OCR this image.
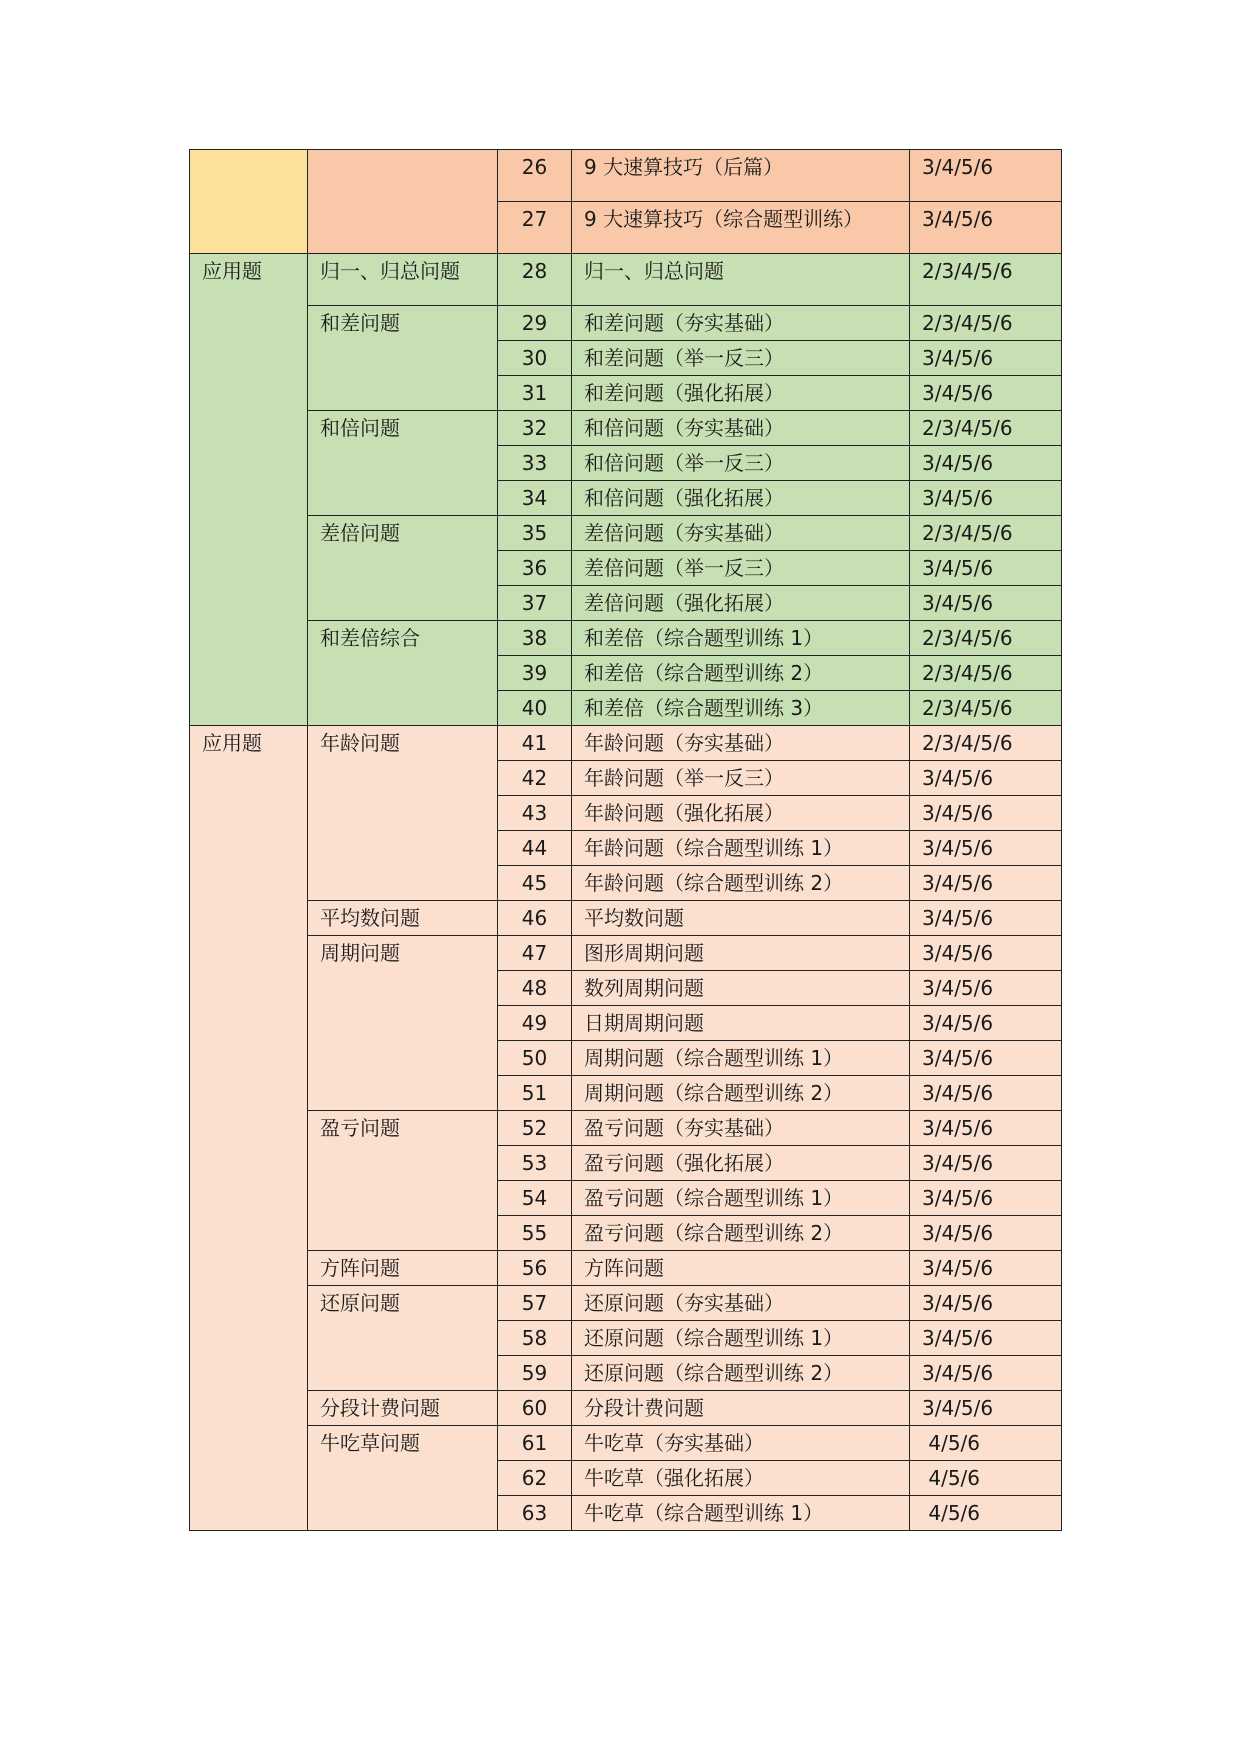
		26	9 大速算技巧（后篇）	3/4/5/6
		27	9 大速算技巧（综合题型训练）	3/4/5/6
应用题	归一、归总问题	28	归一、归总问题	2/3/4/5/6
	和差问题	29	和差问题（夯实基础）	2/3/4/5/6
		30	和差问题（举一反三）	3/4/5/6
		31	和差问题（强化拓展）	3/4/5/6
	和倍问题	32	和倍问题（夯实基础）	2/3/4/5/6
		33	和倍问题（举一反三）	3/4/5/6
		34	和倍问题（强化拓展）	3/4/5/6
	差倍问题	35	差倍问题（夯实基础）	2/3/4/5/6
		36	差倍问题（举一反三）	3/4/5/6
		37	差倍问题（强化拓展）	3/4/5/6
	和差倍综合	38	和差倍（综合题型训练 1）	2/3/4/5/6
		39	和差倍（综合题型训练 2）	2/3/4/5/6
		40	和差倍（综合题型训练 3）	2/3/4/5/6
应用题	年龄问题	41	年龄问题（夯实基础）	2/3/4/5/6
		42	年龄问题（举一反三）	3/4/5/6
		43	年龄问题（强化拓展）	3/4/5/6
		44	年龄问题（综合题型训练 1）	3/4/5/6
		45	年龄问题（综合题型训练 2）	3/4/5/6
	平均数问题	46	平均数问题	3/4/5/6
	周期问题	47	图形周期问题	3/4/5/6
		48	数列周期问题	3/4/5/6
		49	日期周期问题	3/4/5/6
		50	周期问题（综合题型训练 1）	3/4/5/6
		51	周期问题（综合题型训练 2）	3/4/5/6
	盈亏问题	52	盈亏问题（夯实基础）	3/4/5/6
		53	盈亏问题（强化拓展）	3/4/5/6
		54	盈亏问题（综合题型训练 1）	3/4/5/6
		55	盈亏问题（综合题型训练 2）	3/4/5/6
	方阵问题	56	方阵问题	3/4/5/6
	还原问题	57	还原问题（夯实基础）	3/4/5/6
		58	还原问题（综合题型训练 1）	3/4/5/6
		59	还原问题（综合题型训练 2）	3/4/5/6
	分段计费问题	60	分段计费问题	3/4/5/6
	牛吃草问题	61	牛吃草（夯实基础）	4/5/6
		62	牛吃草（强化拓展）	4/5/6
		63	牛吃草（综合题型训练 1）	4/5/6
